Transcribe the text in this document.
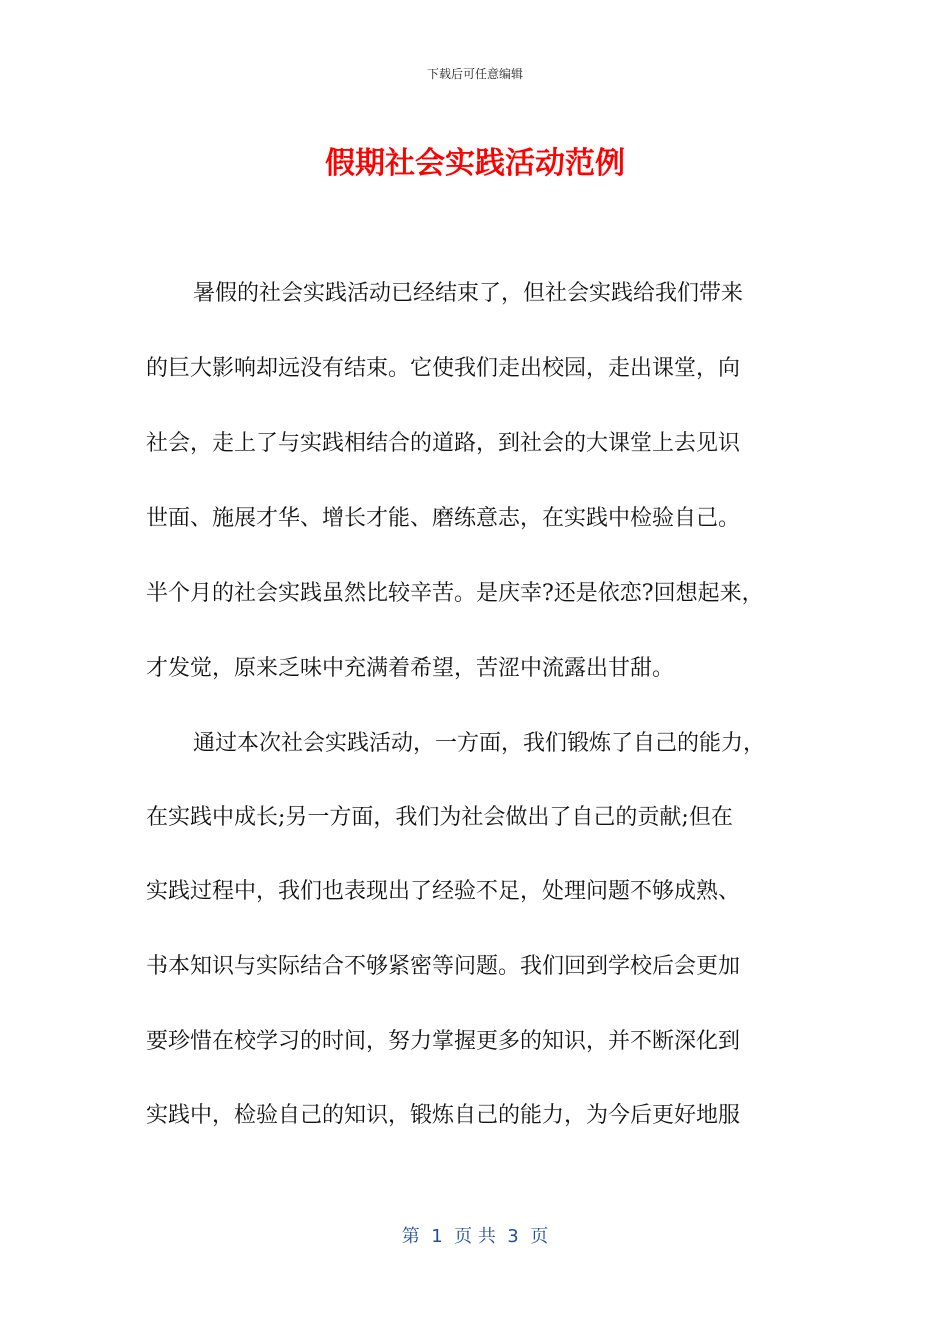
下载后可任意编辑
假期社会实践活动范例
暑假的社会实践活动已经结束了，但社会实践给我们带来
的巨大影响却远没有结束。它使我们走出校园，走出课堂，向
社会，走上了与实践相结合的道路，到社会的大课堂上去见识
世面、施展才华、增长才能、磨练意志，在实践中检验自己。
半个月的社会实践虽然比较辛苦。是庆幸?还是依恋?回想起来，
才发觉，原来乏味中充满着希望，苦涩中流露出甘甜。
通过本次社会实践活动，一方面，我们锻炼了自己的能力，
在实践中成长;另一方面，我们为社会做出了自己的贡献;但在
实践过程中，我们也表现出了经验不足，处理问题不够成熟、
书本知识与实际结合不够紧密等问题。我们回到学校后会更加
要珍惜在校学习的时间，努力掌握更多的知识，并不断深化到
实践中，检验自己的知识，锻炼自己的能力，为今后更好地服
第  1  页 共  3  页
